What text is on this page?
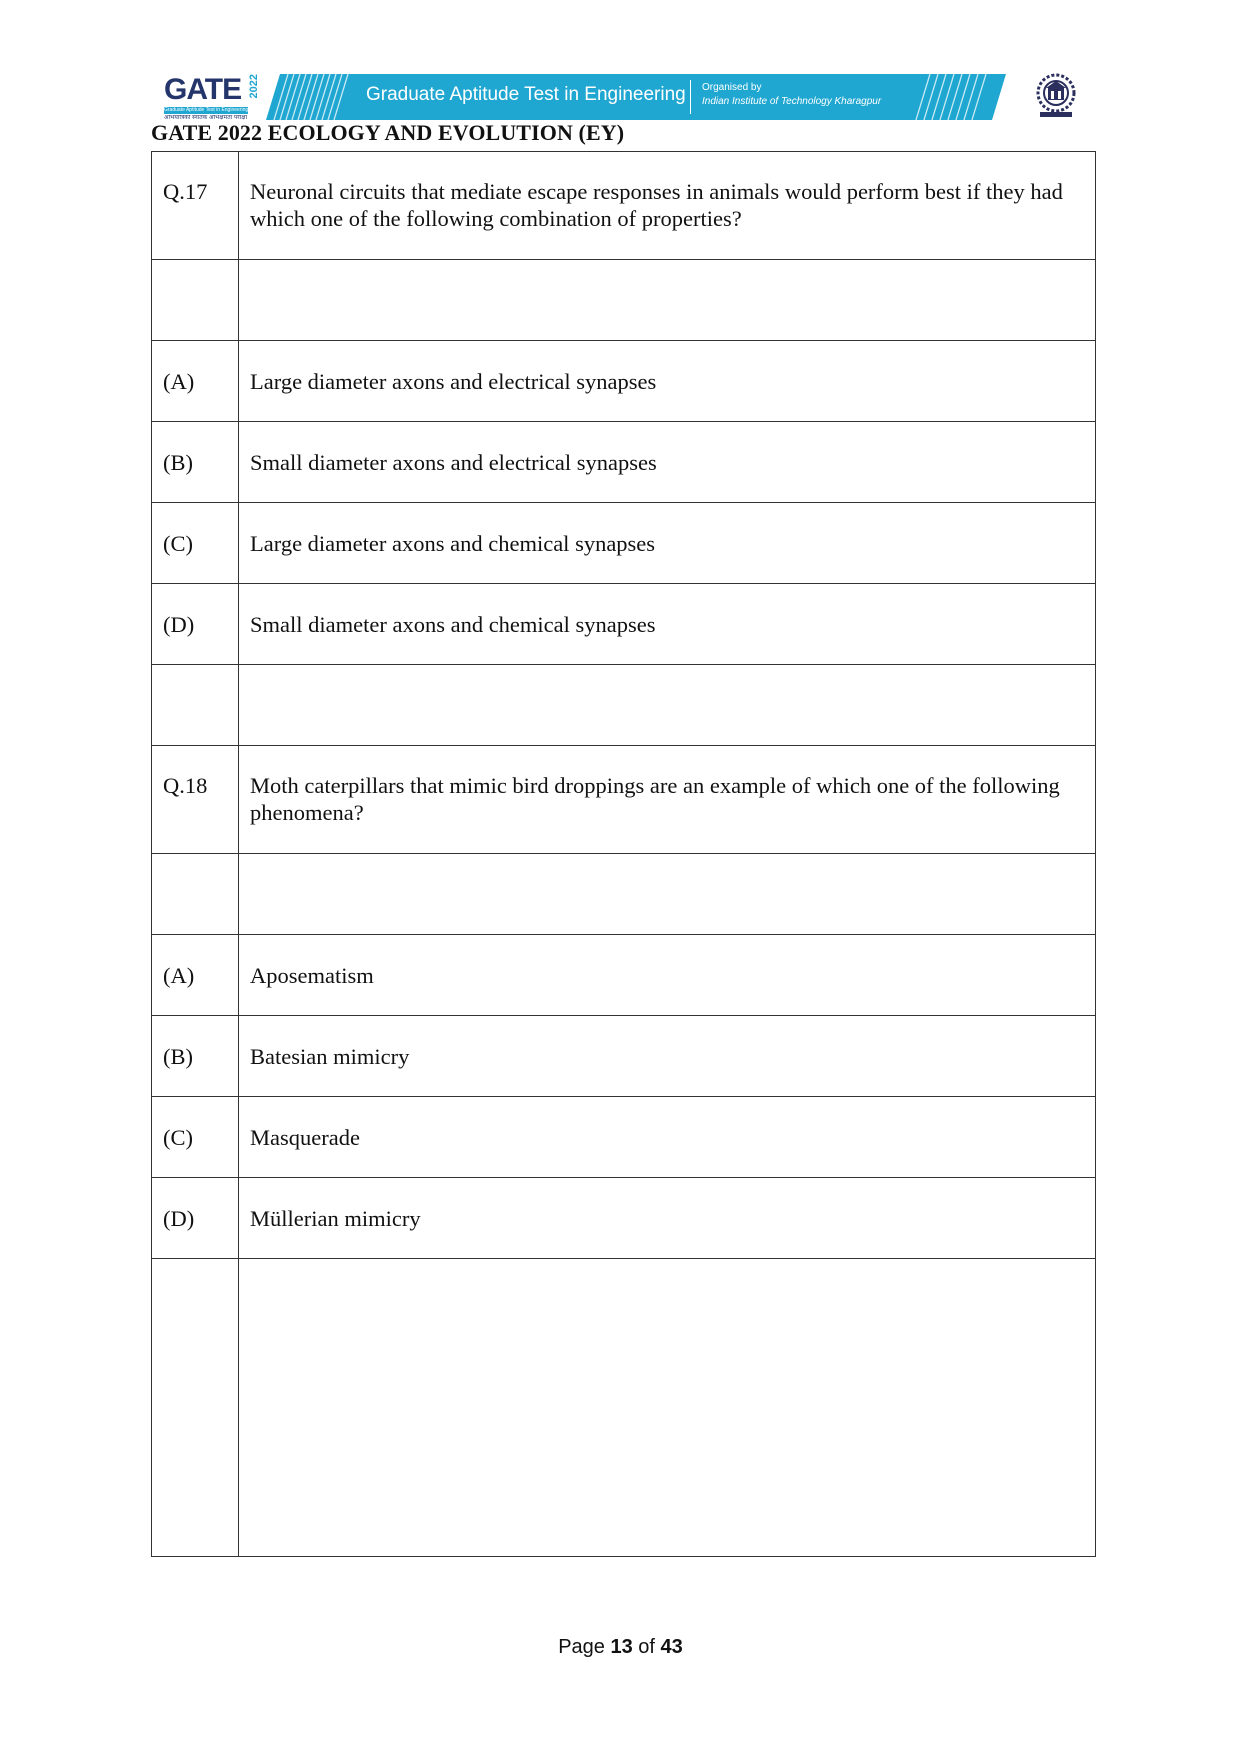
GATE 2022
Graduate Aptitude Test in Engineering
अभियांत्रिकी स्नातक अभिक्षमता परीक्षा
Graduate Aptitude Test in Engineering Organised by
Indian Institute of Technology Kharagpur
GATE 2022 ECOLOGY AND EVOLUTION (EY)
Q.17	Neuronal circuits that mediate escape responses in animals would perform best if they had which one of the following combination of properties?

(A)	Large diameter axons and electrical synapses
(B)	Small diameter axons and electrical synapses
(C)	Large diameter axons and chemical synapses
(D)	Small diameter axons and chemical synapses

Q.18	Moth caterpillars that mimic bird droppings are an example of which one of the following phenomena?

(A)	Aposematism
(B)	Batesian mimicry
(C)	Masquerade
(D)	Müllerian mimicry

Page 13 of 43
